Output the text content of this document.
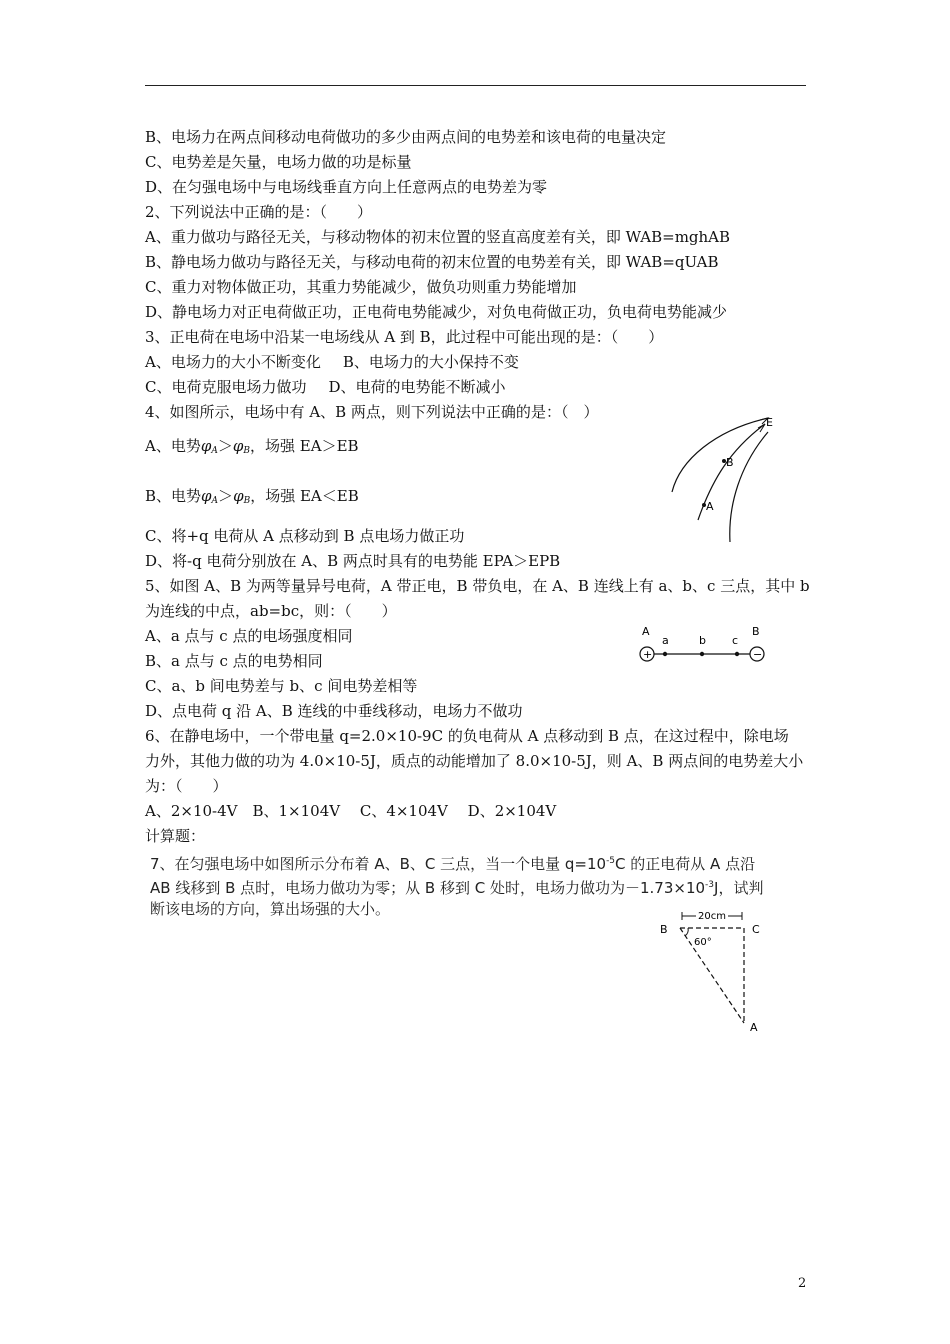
B、电场力在两点间移动电荷做功的多少由两点间的电势差和该电荷的电量决定
C、电势差是矢量，电场力做的功是标量
D、在匀强电场中与电场线垂直方向上任意两点的电势差为零
2、下列说法中正确的是：（　　）
A、重力做功与路径无关，与移动物体的初末位置的竖直高度差有关，即 WAB=mghAB
B、静电场力做功与路径无关，与移动电荷的初末位置的电势差有关，即 WAB=qUAB
C、重力对物体做正功，其重力势能减少，做负功则重力势能增加
D、静电场力对正电荷做正功，正电荷电势能减少，对负电荷做正功，负电荷电势能减少
3、正电荷在电场中沿某一电场线从 A 到 B，此过程中可能出现的是：（　　）
A、电场力的大小不断变化 B、电场力的大小保持不变
C、电荷克服电场力做功 D、电荷的电势能不断减小
4、如图所示，电场中有 A、B 两点，则下列说法中正确的是：（　）
A、电势$\varphi_A>\varphi_B$，场强 EA＞EB
B、电势$\varphi_A>\varphi_B$，场强 EA＜EB
C、将+q 电荷从 A 点移动到 B 点电场力做正功
D、将-q 电荷分别放在 A、B 两点时具有的电势能 EPA＞EPB
E
B
A
5、如图 A、B 为两等量异号电荷，A 带正电，B 带负电，在 A、B 连线上有 a、b、c 三点，其中 b
为连线的中点，ab=bc，则：（　　）
A、a 点与 c 点的电场强度相同
B、a 点与 c 点的电势相同
C、a、b 间电势差与 b、c 间电势差相等
D、点电荷 q 沿 A、B 连线的中垂线移动，电场力不做功
+	−
A
a	b c
B
6、在静电场中，一个带电量 q=2.0×10-9C 的负电荷从 A 点移动到 B 点，在这过程中，除电场
力外，其他力做的功为 4.0×10-5J，质点的动能增加了 8.0×10-5J，则 A、B 两点间的电势差大小
为：（　　）
A、2×10-4V　B、1×104V　 C、4×104V　 D、2×104V
计算题：
7、在匀强电场中如图所示分布着 A、B、C 三点，当一个电量 $q=10^{-5}C$ 的正电荷从 A 点沿
AB 线移到 B 点时，电场力做功为零；从 B 移到 C 处时，电场力做功为$-1.73\times 10^{-3}J$，试判
断该电场的方向，算出场强的大小。	20cm
60°
B	C
A
2
